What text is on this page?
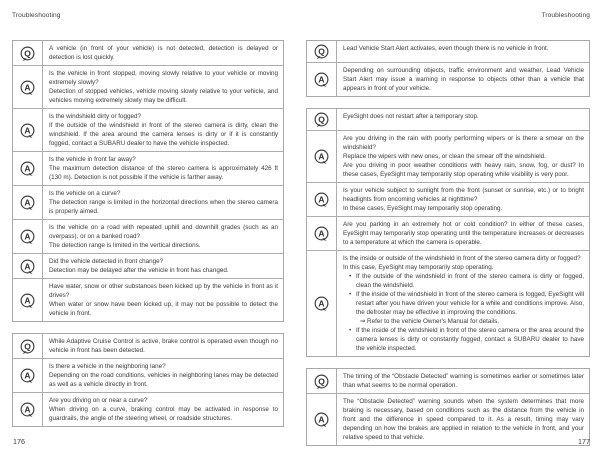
Troubleshooting
Q	A vehicle (in front of your vehicle) is not detected, detection is delayed or detection is lost quickly.
A
Is the vehicle in front stopped, moving slowly relative to your vehicle or moving extremely slowly?
Detection of stopped vehicles, vehicle moving slowly relative to your vehicle, and vehicles moving extremely slowly may be difficult.
A
Is the windshield dirty or fogged?
If the outside of the windshield in front of the stereo camera is dirty, clean the windshield. If the area around the camera lenses is dirty or if it is constantly fogged, contact a SUBARU dealer to have the vehicle inspected.
A
Is the vehicle in front far away?
The maximum detection distance of the stereo camera is approximately 426 ft (130 m). Detection is not possible if the vehicle is farther away.
A
Is the vehicle on a curve?
The detection range is limited in the horizontal directions when the stereo camera is properly aimed.
A
Is the vehicle on a road with repeated uphill and downhill grades (such as an overpass), or on a banked road?
The detection range is limited in the vertical directions.
A	Did the vehicle detected in front change?
Detection may be delayed after the vehicle in front has changed.
A
Have water, snow or other substances been kicked up by the vehicle in front as it drives?
When water or snow have been kicked up, it may not be possible to detect the vehicle in front.
Q	While Adaptive Cruise Control is active, brake control is operated even though no vehicle in front has been detected.
A
Is there a vehicle in the neighboring lane?
Depending on the road conditions, vehicles in neighboring lanes may be detected as well as a vehicle directly in front.
A
Are you driving on or near a curve?
When driving on a curve, braking control may be activated in response to guardrails, the angle of the steering wheel, or roadside structures.
176
Troubleshooting
Q	Lead Vehicle Start Alert activates, even though there is no vehicle in front.
A
Depending on surrounding objects, traffic environment and weather, Lead Vehicle Start Alert may issue a warning in response to objects other than a vehicle that appears in front of your vehicle.
Q	EyeSight does not restart after a temporary stop.
A
Are you driving in the rain with poorly performing wipers or is there a smear on the windshield?
Replace the wipers with new ones, or clean the smear off the windshield.
Are you driving in poor weather conditions with heavy rain, snow, fog, or dust? In these cases, EyeSight may temporarily stop operating while visibility is very poor.
A
Is your vehicle subject to sunlight from the front (sunset or sunrise, etc.) or to bright headlights from oncoming vehicles at nighttime?
In these cases, EyeSight may temporarily stop operating.
A
Are you parking in an extremely hot or cold condition? In either of these cases, EyeSight may temporarily stop operating until the temperature increases or decreases to a temperature at which the camera is operable.
A
Is the inside or outside of the windshield in front of the stereo camera dirty or fogged?
In this case, EyeSight may temporarily stop operating.
• If the outside of the windshield in front of the stereo camera is dirty or fogged, clean the windshield.
• If the inside of the windshield in front of the stereo camera is fogged, EyeSight will restart after you have driven your vehicle for a while and conditions improve. Also, the defroster may be effective in improving the conditions.
⇒ Refer to the vehicle Owner's Manual for details.
• If the inside of the windshield in front of the stereo camera or the area around the camera lenses is dirty or constantly fogged, contact a SUBARU dealer to have the vehicle inspected.
Q	The timing of the “Obstacle Detected” warning is sometimes earlier or sometimes later than what seems to be normal operation.
A
The “Obstacle Detected” warning sounds when the system determines that more braking is necessary, based on conditions such as the distance from the vehicle in front and the difference in speed compared to it. As a result, timing may vary depending on how the brakes are applied in relation to the vehicle in front, and your relative speed to that vehicle.	177
